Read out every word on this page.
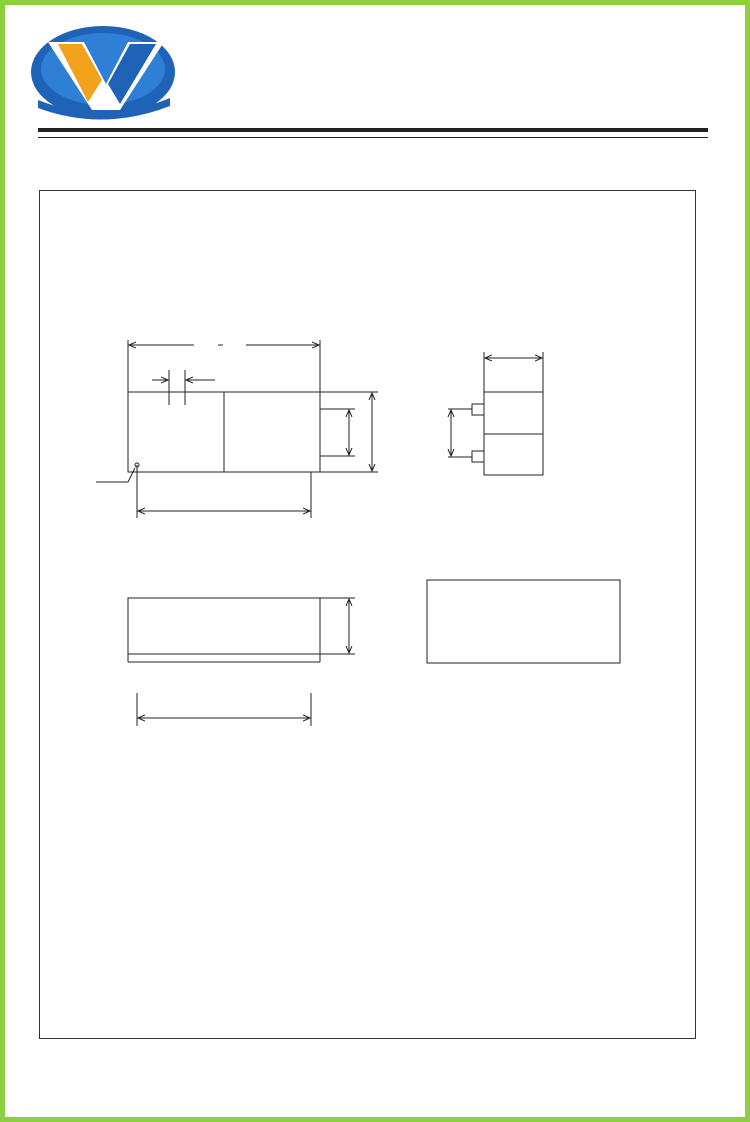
25.40
